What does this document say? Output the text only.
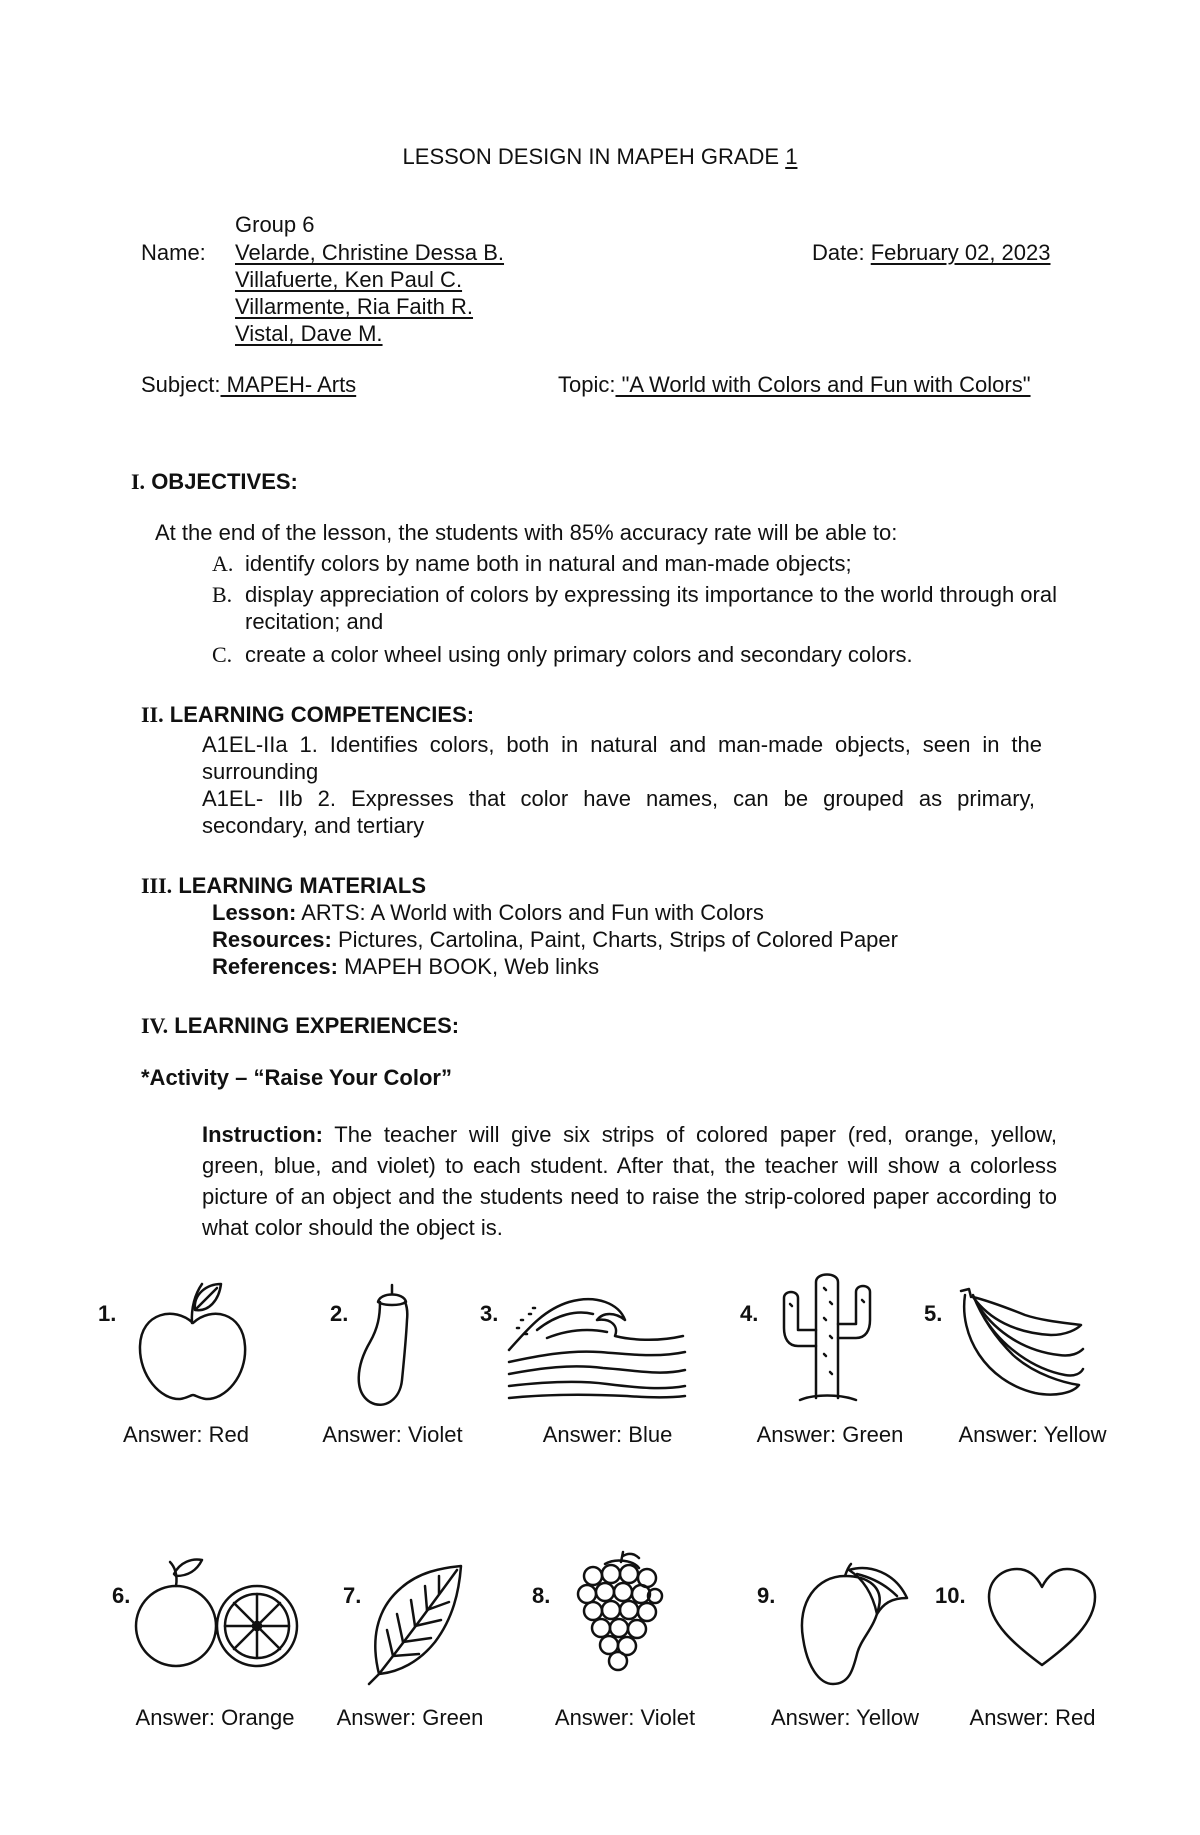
LESSON DESIGN IN MAPEH GRADE 1
Group 6
Name: Velarde, Christine Dessa B.
Villafuerte, Ken Paul C.
Villarmente, Ria Faith R.
Vistal, Dave M.
Date: February 02, 2023
Subject: MAPEH- Arts	Topic: "A World with Colors and Fun with Colors"
I. OBJECTIVES:
At the end of the lesson, the students with 85% accuracy rate will be able to:
A. identify colors by name both in natural and man-made objects;
B. display appreciation of colors by expressing its importance to the world through oral recitation; and
C. create a color wheel using only primary colors and secondary colors.
II. LEARNING COMPETENCIES:
A1EL-IIa 1. Identifies colors, both in natural and man-made objects, seen in the surrounding
A1EL- IIb 2. Expresses that color have names, can be grouped as primary, secondary, and tertiary
III. LEARNING MATERIALS
Lesson: ARTS: A World with Colors and Fun with Colors
Resources: Pictures, Cartolina, Paint, Charts, Strips of Colored Paper
References: MAPEH BOOK, Web links
IV. LEARNING EXPERIENCES:
*Activity – “Raise Your Color”
Instruction: The teacher will give six strips of colored paper (red, orange, yellow, green, blue, and violet) to each student. After that, the teacher will show a colorless picture of an object and the students need to raise the strip-colored paper according to what color should the object is.
1.
Answer: Red
2.
Answer: Violet
3.
Answer: Blue
4.
Answer: Green
5.
Answer: Yellow
6.
Answer: Orange
7.
Answer: Green
8.
Answer: Violet
9.
Answer: Yellow
10.
Answer: Red
